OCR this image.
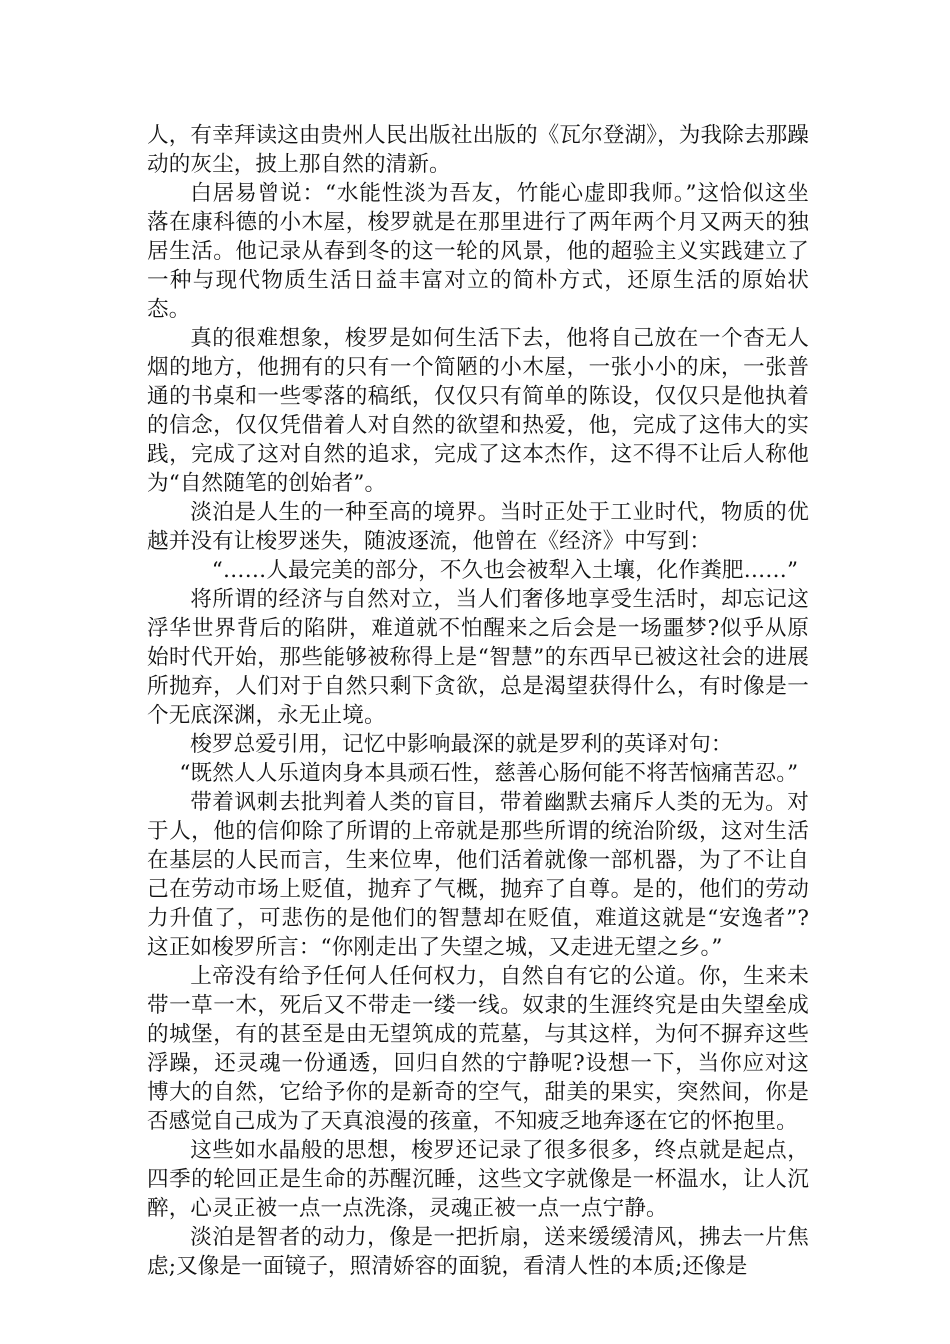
人，有幸拜读这由贵州人民出版社出版的《瓦尔登湖》，为我除去那躁动的灰尘，披上那自然的清新。

白居易曾说：“水能性淡为吾友，竹能心虚即我师。”这恰似这坐落在康科德的小木屋，梭罗就是在那里进行了两年两个月又两天的独居生活。他记录从春到冬的这一轮的风景，他的超验主义实践建立了一种与现代物质生活日益丰富对立的简朴方式，还原生活的原始状态。

真的很难想象，梭罗是如何生活下去，他将自己放在一个杳无人烟的地方，他拥有的只有一个简陋的小木屋，一张小小的床，一张普通的书桌和一些零落的稿纸，仅仅只有简单的陈设，仅仅只是他执着的信念，仅仅凭借着人对自然的欲望和热爱，他，完成了这伟大的实践，完成了这对自然的追求，完成了这本杰作，这不得不让后人称他为“自然随笔的创始者”。

淡泊是人生的一种至高的境界。当时正处于工业时代，物质的优越并没有让梭罗迷失，随波逐流，他曾在《经济》中写到：

“……人最完美的部分，不久也会被犁入土壤，化作粪肥……”

将所谓的经济与自然对立，当人们奢侈地享受生活时，却忘记这浮华世界背后的陷阱，难道就不怕醒来之后会是一场噩梦?似乎从原始时代开始，那些能够被称得上是“智慧”的东西早已被这社会的进展所抛弃，人们对于自然只剩下贪欲，总是渴望获得什么，有时像是一个无底深渊，永无止境。

梭罗总爱引用，记忆中影响最深的就是罗利的英译对句：

“既然人人乐道肉身本具顽石性，慈善心肠何能不将苦恼痛苦忍。”

带着讽刺去批判着人类的盲目，带着幽默去痛斥人类的无为。对于人，他的信仰除了所谓的上帝就是那些所谓的统治阶级，这对生活在基层的人民而言，生来位卑，他们活着就像一部机器，为了不让自己在劳动市场上贬值，抛弃了气概，抛弃了自尊。是的，他们的劳动力升值了，可悲伤的是他们的智慧却在贬值，难道这就是“安逸者”?这正如梭罗所言：“你刚走出了失望之城，又走进无望之乡。”

上帝没有给予任何人任何权力，自然自有它的公道。你，生来未带一草一木，死后又不带走一缕一线。奴隶的生涯终究是由失望垒成的城堡，有的甚至是由无望筑成的荒墓，与其这样，为何不摒弃这些浮躁，还灵魂一份通透，回归自然的宁静呢?设想一下，当你应对这博大的自然，它给予你的是新奇的空气，甜美的果实，突然间，你是否感觉自己成为了天真浪漫的孩童，不知疲乏地奔逐在它的怀抱里。

这些如水晶般的思想，梭罗还记录了很多很多，终点就是起点，四季的轮回正是生命的苏醒沉睡，这些文字就像是一杯温水，让人沉醉，心灵正被一点一点洗涤，灵魂正被一点一点宁静。

淡泊是智者的动力，像是一把折扇，送来缓缓清风，拂去一片焦虑;又像是一面镜子，照清娇容的面貌，看清人性的本质;还像是
